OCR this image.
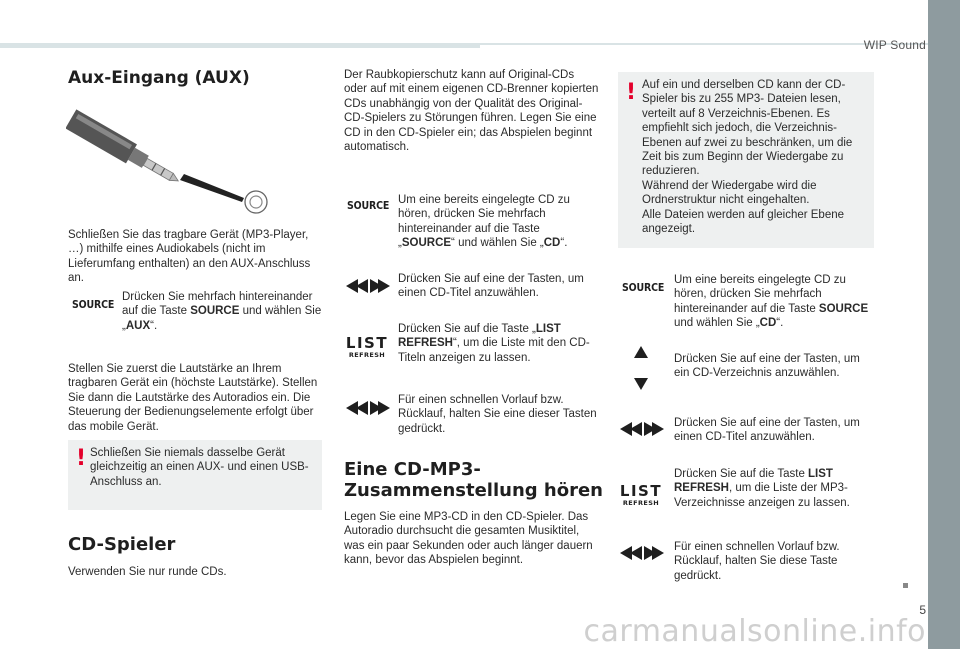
WIP Sound
Aux-Eingang (AUX)
Schließen Sie das tragbare Gerät (MP3-Player, …) mithilfe eines Audiokabels (nicht im Lieferumfang enthalten) an den AUX-Anschluss an.
SOURCE
Drücken Sie mehrfach hintereinander auf die Taste SOURCE und wählen Sie „AUX“.
Stellen Sie zuerst die Lautstärke an Ihrem tragbaren Gerät ein (höchste Lautstärke). Stellen Sie dann die Lautstärke des Autoradios ein. Die Steuerung der Bedienungselemente erfolgt über das mobile Gerät.
! Schließen Sie niemals dasselbe Gerät gleichzeitig an einen AUX- und einen USB-Anschluss an.
CD-Spieler
Verwenden Sie nur runde CDs.
Der Raubkopierschutz kann auf Original-CDs oder auf mit einem eigenen CD-Brenner kopierten CDs unabhängig von der Qualität des Original-CD-Spielers zu Störungen führen. Legen Sie eine CD in den CD-Spieler ein; das Abspielen beginnt automatisch.
SOURCE Um eine bereits eingelegte CD zu hören, drücken Sie mehrfach hintereinander auf die Taste „SOURCE“ und wählen Sie „CD“.
Drücken Sie auf eine der Tasten, um einen CD-Titel anzuwählen.
LIST
REFRESH
Drücken Sie auf die Taste „LIST REFRESH“, um die Liste mit den CD-Titeln anzeigen zu lassen.
Für einen schnellen Vorlauf bzw. Rücklauf, halten Sie eine dieser Tasten gedrückt.
Eine CD-MP3-
Zusammenstellung hören
Legen Sie eine MP3-CD in den CD-Spieler. Das Autoradio durchsucht die gesamten Musiktitel, was ein paar Sekunden oder auch länger dauern kann, bevor das Abspielen beginnt.
! Auf ein und derselben CD kann der CD-Spieler bis zu 255 MP3- Dateien lesen, verteilt auf 8 Verzeichnis-Ebenen. Es empfiehlt sich jedoch, die Verzeichnis-Ebenen auf zwei zu beschränken, um die Zeit bis zum Beginn der Wiedergabe zu reduzieren.
Während der Wiedergabe wird die Ordnerstruktur nicht eingehalten.
Alle Dateien werden auf gleicher Ebene angezeigt.
SOURCE
Um eine bereits eingelegte CD zu hören, drücken Sie mehrfach hintereinander auf die Taste SOURCE und wählen Sie „CD“.
Drücken Sie auf eine der Tasten, um ein CD-Verzeichnis anzuwählen.
Drücken Sie auf eine der Tasten, um einen CD-Titel anzuwählen.
LIST
REFRESH
Drücken Sie auf die Taste LIST REFRESH, um die Liste der MP3-Verzeichnisse anzeigen zu lassen.
Für einen schnellen Vorlauf bzw. Rücklauf, halten Sie diese Taste gedrückt.
5
carmanualsonline.info
